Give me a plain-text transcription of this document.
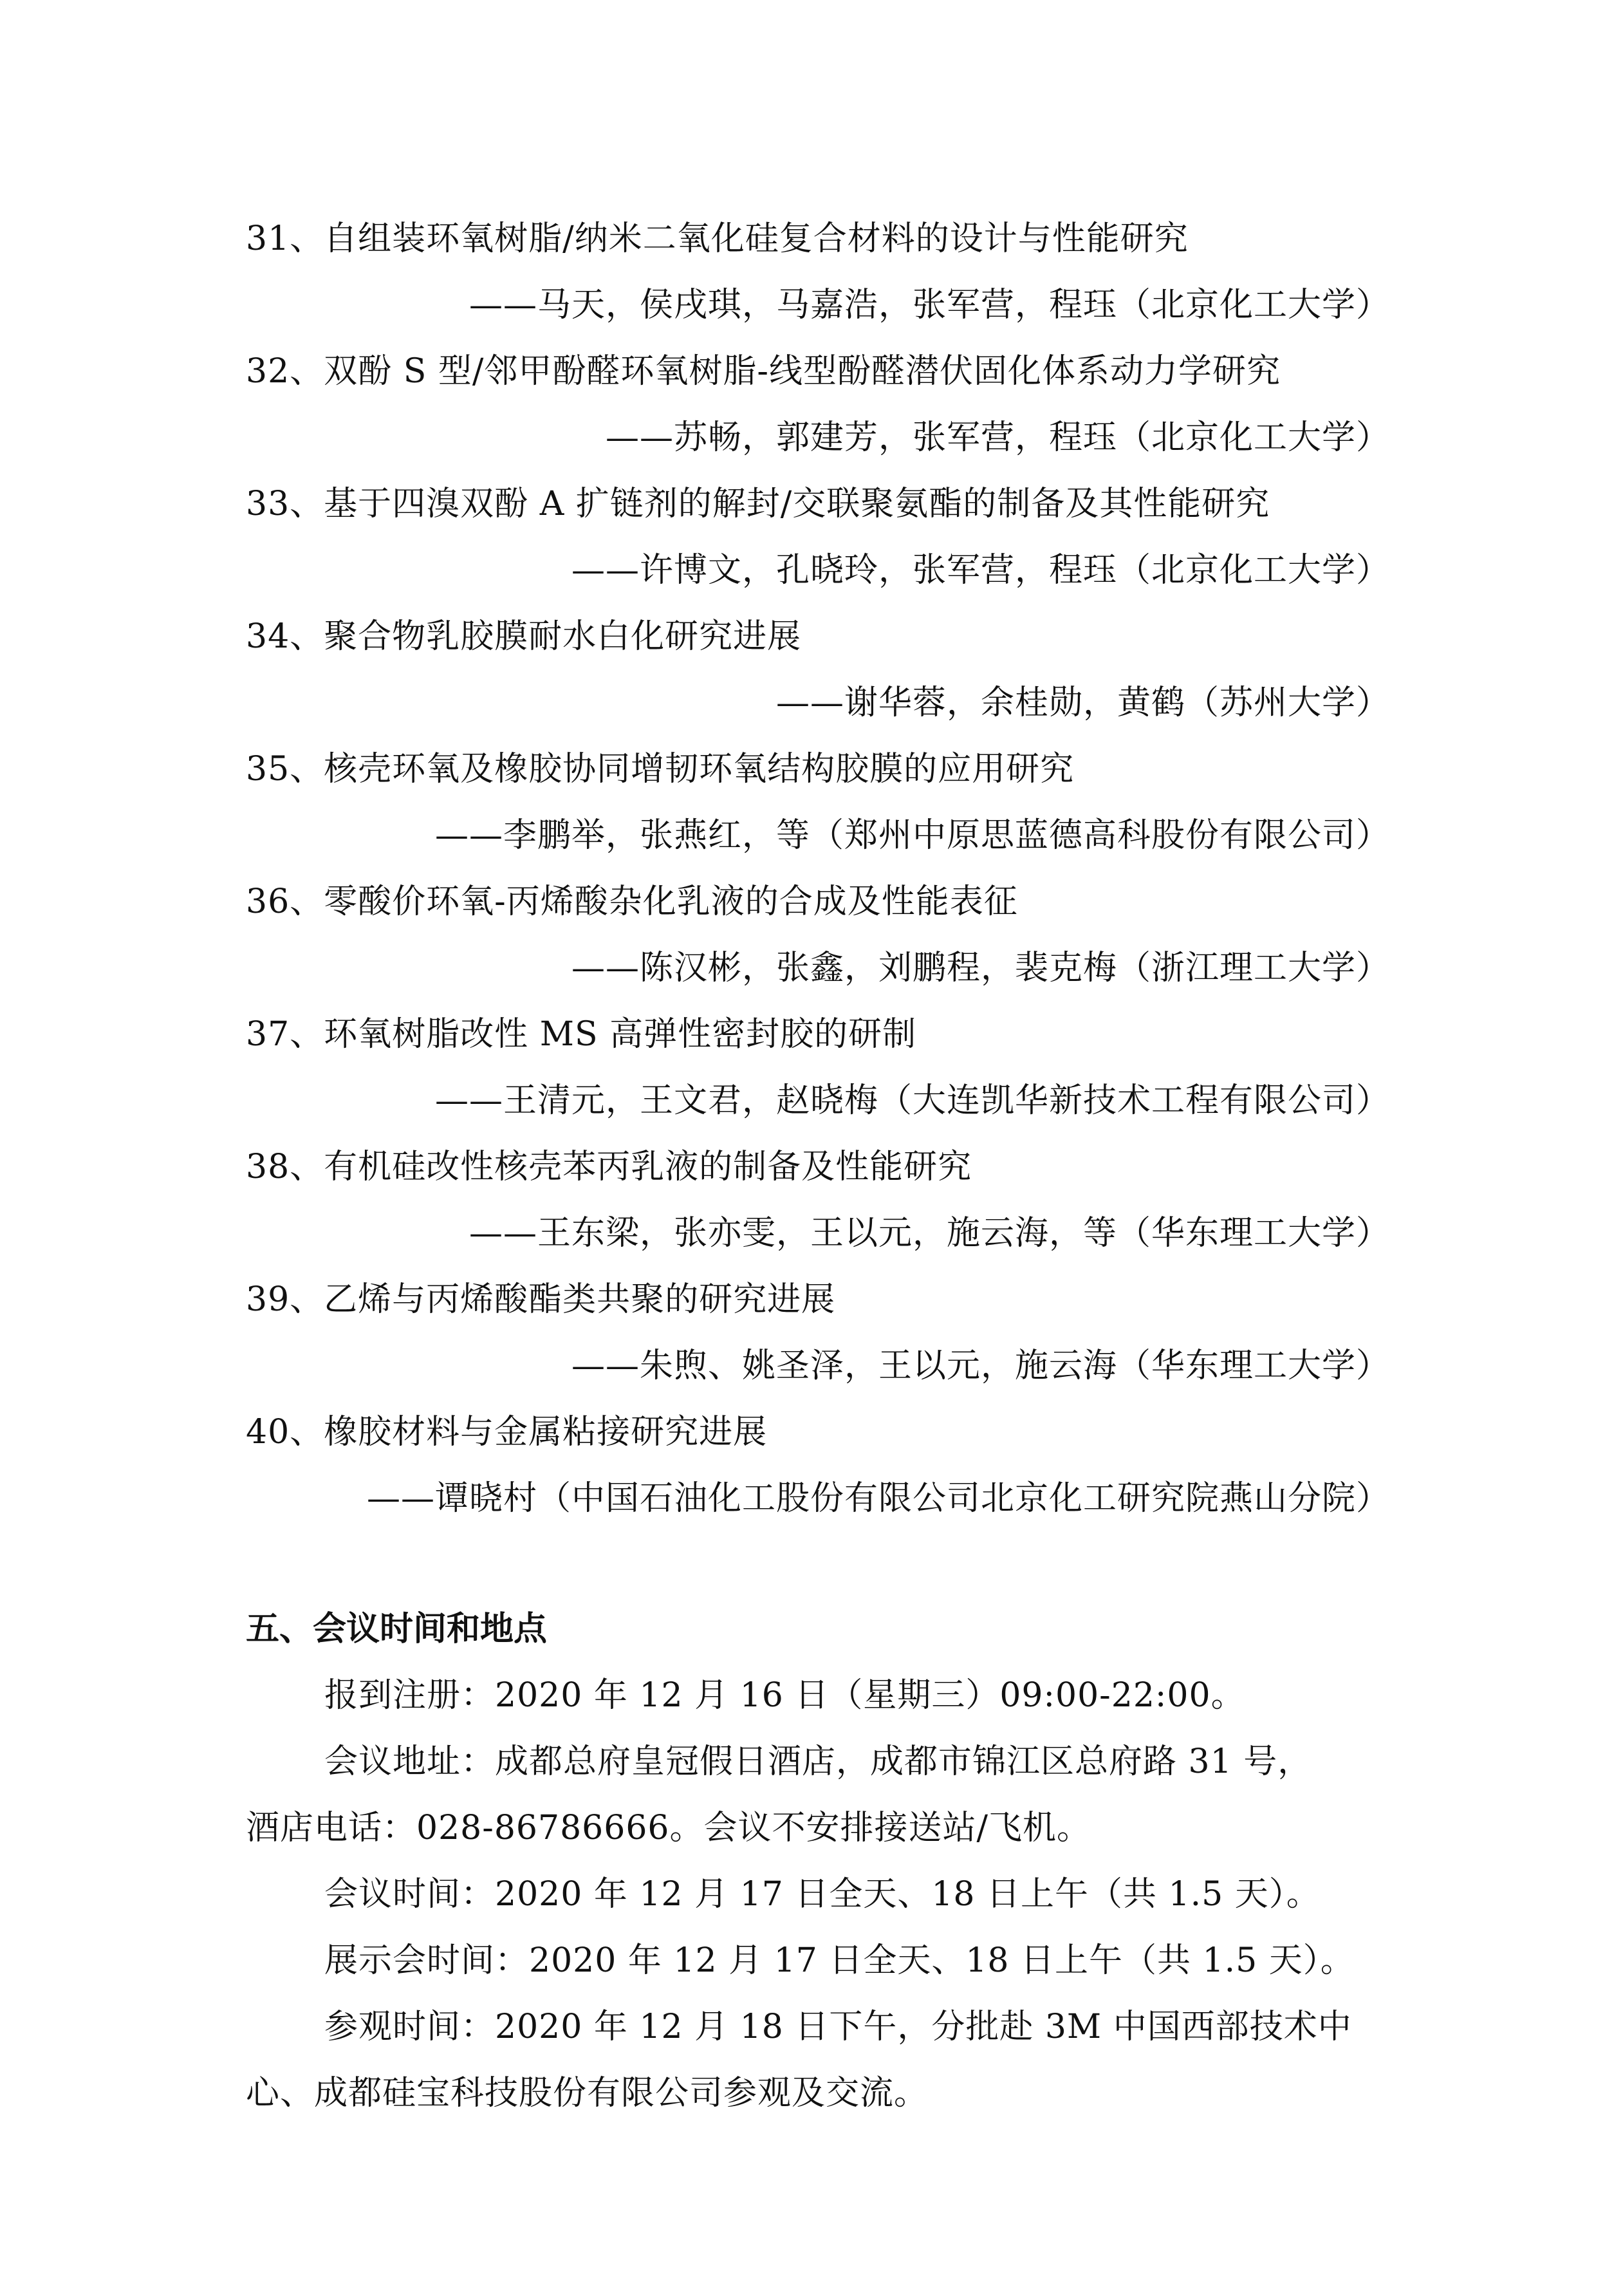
31、自组装环氧树脂/纳米二氧化硅复合材料的设计与性能研究
——马天，侯戌琪，马嘉浩，张军营，程珏（北京化工大学）
32、双酚 S 型/邻甲酚醛环氧树脂-线型酚醛潜伏固化体系动力学研究
——苏畅，郭建芳，张军营，程珏（北京化工大学）
33、基于四溴双酚 A 扩链剂的解封/交联聚氨酯的制备及其性能研究
——许博文，孔晓玲，张军营，程珏（北京化工大学）
34、聚合物乳胶膜耐水白化研究进展
——谢华蓉，余桂勋，黄鹤（苏州大学）
35、核壳环氧及橡胶协同增韧环氧结构胶膜的应用研究
——李鹏举，张燕红，等（郑州中原思蓝德高科股份有限公司）
36、零酸价环氧-丙烯酸杂化乳液的合成及性能表征
——陈汉彬，张鑫，刘鹏程，裴克梅（浙江理工大学）
37、环氧树脂改性 MS 高弹性密封胶的研制
——王清元，王文君，赵晓梅（大连凯华新技术工程有限公司）
38、有机硅改性核壳苯丙乳液的制备及性能研究
——王东梁，张亦雯，王以元，施云海，等（华东理工大学）
39、乙烯与丙烯酸酯类共聚的研究进展
——朱煦、姚圣泽，王以元，施云海（华东理工大学）
40、橡胶材料与金属粘接研究进展
——谭晓村（中国石油化工股份有限公司北京化工研究院燕山分院）
五、会议时间和地点
报到注册：2020 年 12 月 16 日（星期三）09:00-22:00。
会议地址：成都总府皇冠假日酒店，成都市锦江区总府路 31 号，
酒店电话：028-86786666。会议不安排接送站/飞机。
会议时间：2020 年 12 月 17 日全天、18 日上午（共 1.5 天）。
展示会时间：2020 年 12 月 17 日全天、18 日上午（共 1.5 天）。
参观时间：2020 年 12 月 18 日下午，分批赴 3M 中国西部技术中
心、成都硅宝科技股份有限公司参观及交流。
